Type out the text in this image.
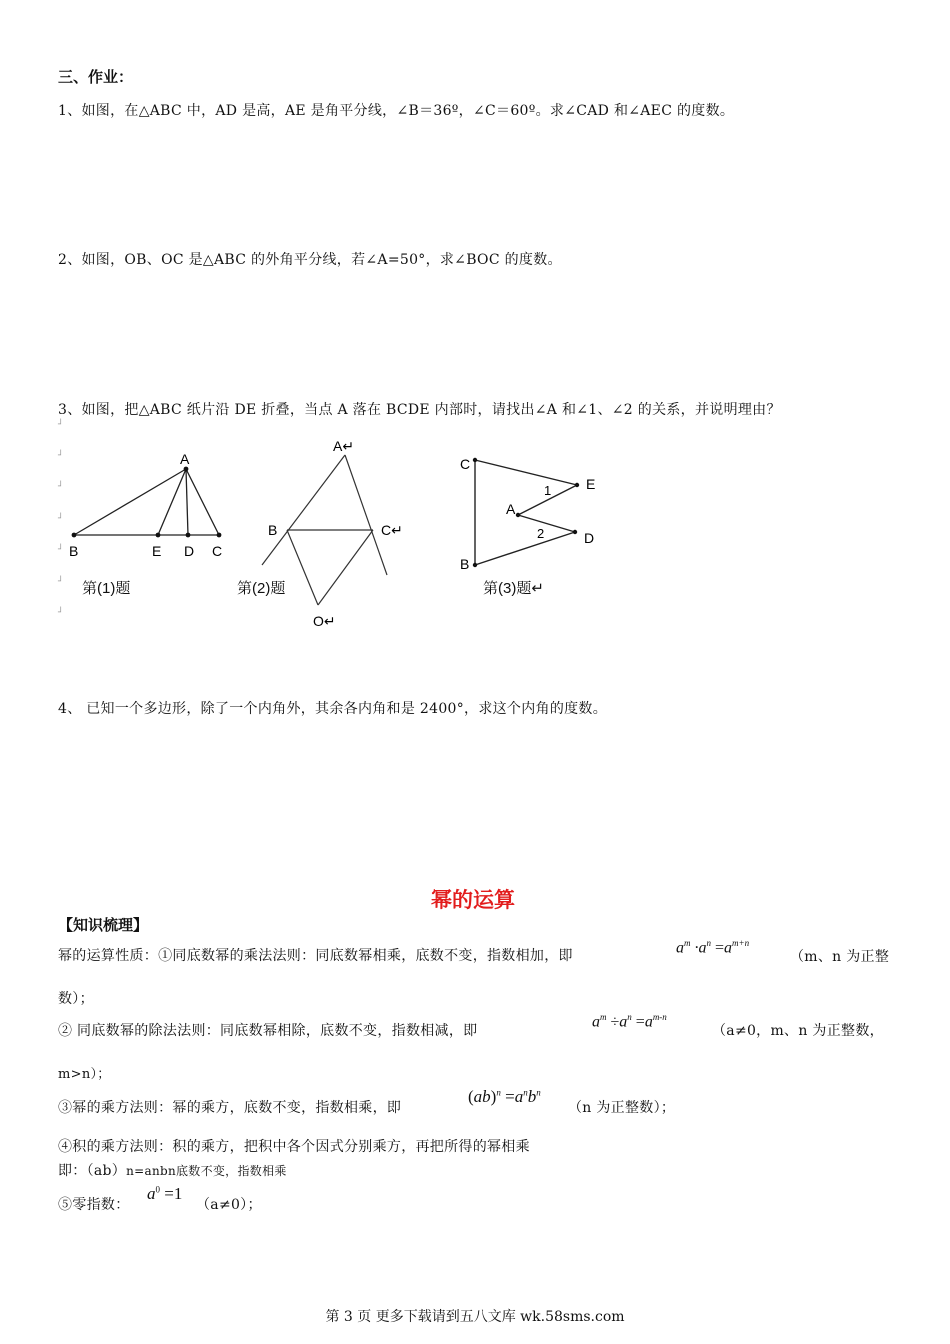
三、作业：
1、如图，在△ABC 中，AD 是高，AE 是角平分线，∠B＝36º，∠C＝60º。求∠CAD 和∠AEC 的度数。
2、如图，OB、OC 是△ABC 的外角平分线，若∠A=50°，求∠BOC 的度数。
3、如图，把△ABC 纸片沿 DE 折叠，当点 A 落在 BCDE 内部时，请找出∠A 和∠1、∠2 的关系，并说明理由？
┘
┘
┘
┘
┘
┘
┘
A
B	E D C
A↵
B	C↵
O↵
C
E
A
D
B
1
2
第(1)题	第(2)题	第(3)题↵
4、 已知一个多边形，除了一个内角外，其余各内角和是 2400°，求这个内角的度数。
幂的运算
【知识梳理】
幂的运算性质：①同底数幂的乘法法则：同底数幂相乘，底数不变，指数相加，即	$a^m \cdot a^n =a^{m+n}$
（m、n 为正整
数）；
② 同底数幂的除法法则：同底数幂相除，底数不变，指数相减，即
$a^m \div a^n =a^{m-n}$
（a≠0，m、n 为正整数，
m>n）；
③幂的乘方法则：幂的乘方，底数不变，指数相乘，即
$(ab)^n =a^nb^n$
（n 为正整数）；
④积的乘方法则：积的乘方，把积中各个因式分别乘方，再把所得的幂相乘
即：（ab）n=anbn底数不变，指数相乘
⑤零指数：
$a^0 =1$
（a≠0）；
第 3 页 更多下载请到五八文库 wk.58sms.com
